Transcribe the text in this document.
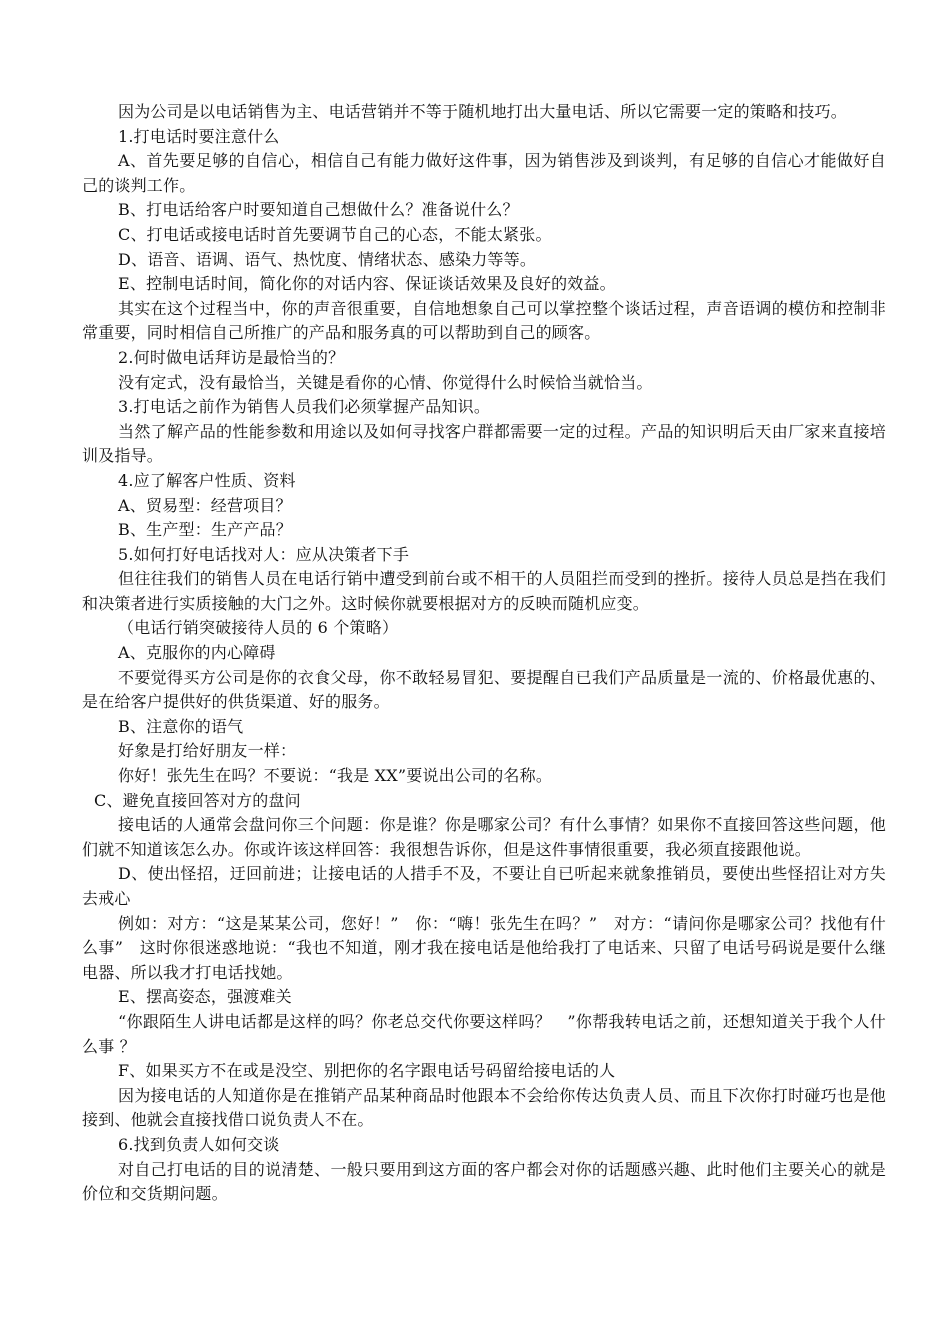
因为公司是以电话销售为主、电话营销并不等于随机地打出大量电话、所以它需要一定的策略和技巧。

1.打电话时要注意什么

A、首先要足够的自信心，相信自己有能力做好这件事，因为销售涉及到谈判，有足够的自信心才能做好自己的谈判工作。

B、打电话给客户时要知道自己想做什么？准备说什么？

C、打电话或接电话时首先要调节自己的心态，不能太紧张。

D、语音、语调、语气、热忱度、情绪状态、感染力等等。

E、控制电话时间，简化你的对话内容、保证谈话效果及良好的效益。

其实在这个过程当中，你的声音很重要，自信地想象自己可以掌控整个谈话过程，声音语调的模仿和控制非常重要，同时相信自己所推广的产品和服务真的可以帮助到自己的顾客。

2.何时做电话拜访是最恰当的？

没有定式，没有最恰当，关键是看你的心情、你觉得什么时候恰当就恰当。

3.打电话之前作为销售人员我们必须掌握产品知识。

当然了解产品的性能参数和用途以及如何寻找客户群都需要一定的过程。产品的知识明后天由厂家来直接培训及指导。

4.应了解客户性质、资料

A、贸易型：经营项目？

B、生产型：生产产品？

5.如何打好电话找对人：应从决策者下手

但往往我们的销售人员在电话行销中遭受到前台或不相干的人员阻拦而受到的挫折。接待人员总是挡在我们和决策者进行实质接触的大门之外。这时候你就要根据对方的反映而随机应变。

（电话行销突破接待人员的 6 个策略）

A、克服你的内心障碍

不要觉得买方公司是你的衣食父母，你不敢轻易冒犯、要提醒自已我们产品质量是一流的、价格最优惠的、是在给客户提供好的供货渠道、好的服务。

B、注意你的语气

好象是打给好朋友一样：

你好！张先生在吗？不要说：“我是 XX”要说出公司的名称。

C、避免直接回答对方的盘问

接电话的人通常会盘问你三个问题：你是谁？你是哪家公司？有什么事情？如果你不直接回答这些问题，他们就不知道该怎么办。你或许该这样回答：我很想告诉你，但是这件事情很重要，我必须直接跟他说。

D、使出怪招，迂回前进；让接电话的人措手不及，不要让自已听起来就象推销员，要使出些怪招让对方失去戒心

例如：对方：“这是某某公司，您好！”　你：“嗨！张先生在吗？”　对方：“请问你是哪家公司？找他有什么事”　这时你很迷惑地说：“我也不知道，刚才我在接电话是他给我打了电话来、只留了电话号码说是要什么继电器、所以我才打电话找她。

E、摆高姿态，强渡难关

“你跟陌生人讲电话都是这样的吗？你老总交代你要这样吗？　”你帮我转电话之前，还想知道关于我个人什么事 ？

F、如果买方不在或是没空、别把你的名字跟电话号码留给接电话的人

因为接电话的人知道你是在推销产品某种商品时他跟本不会给你传达负责人员、而且下次你打时碰巧也是他接到、他就会直接找借口说负责人不在。

6.找到负责人如何交谈

对自己打电话的目的说清楚、一般只要用到这方面的客户都会对你的话题感兴趣、此时他们主要关心的就是价位和交货期问题。
